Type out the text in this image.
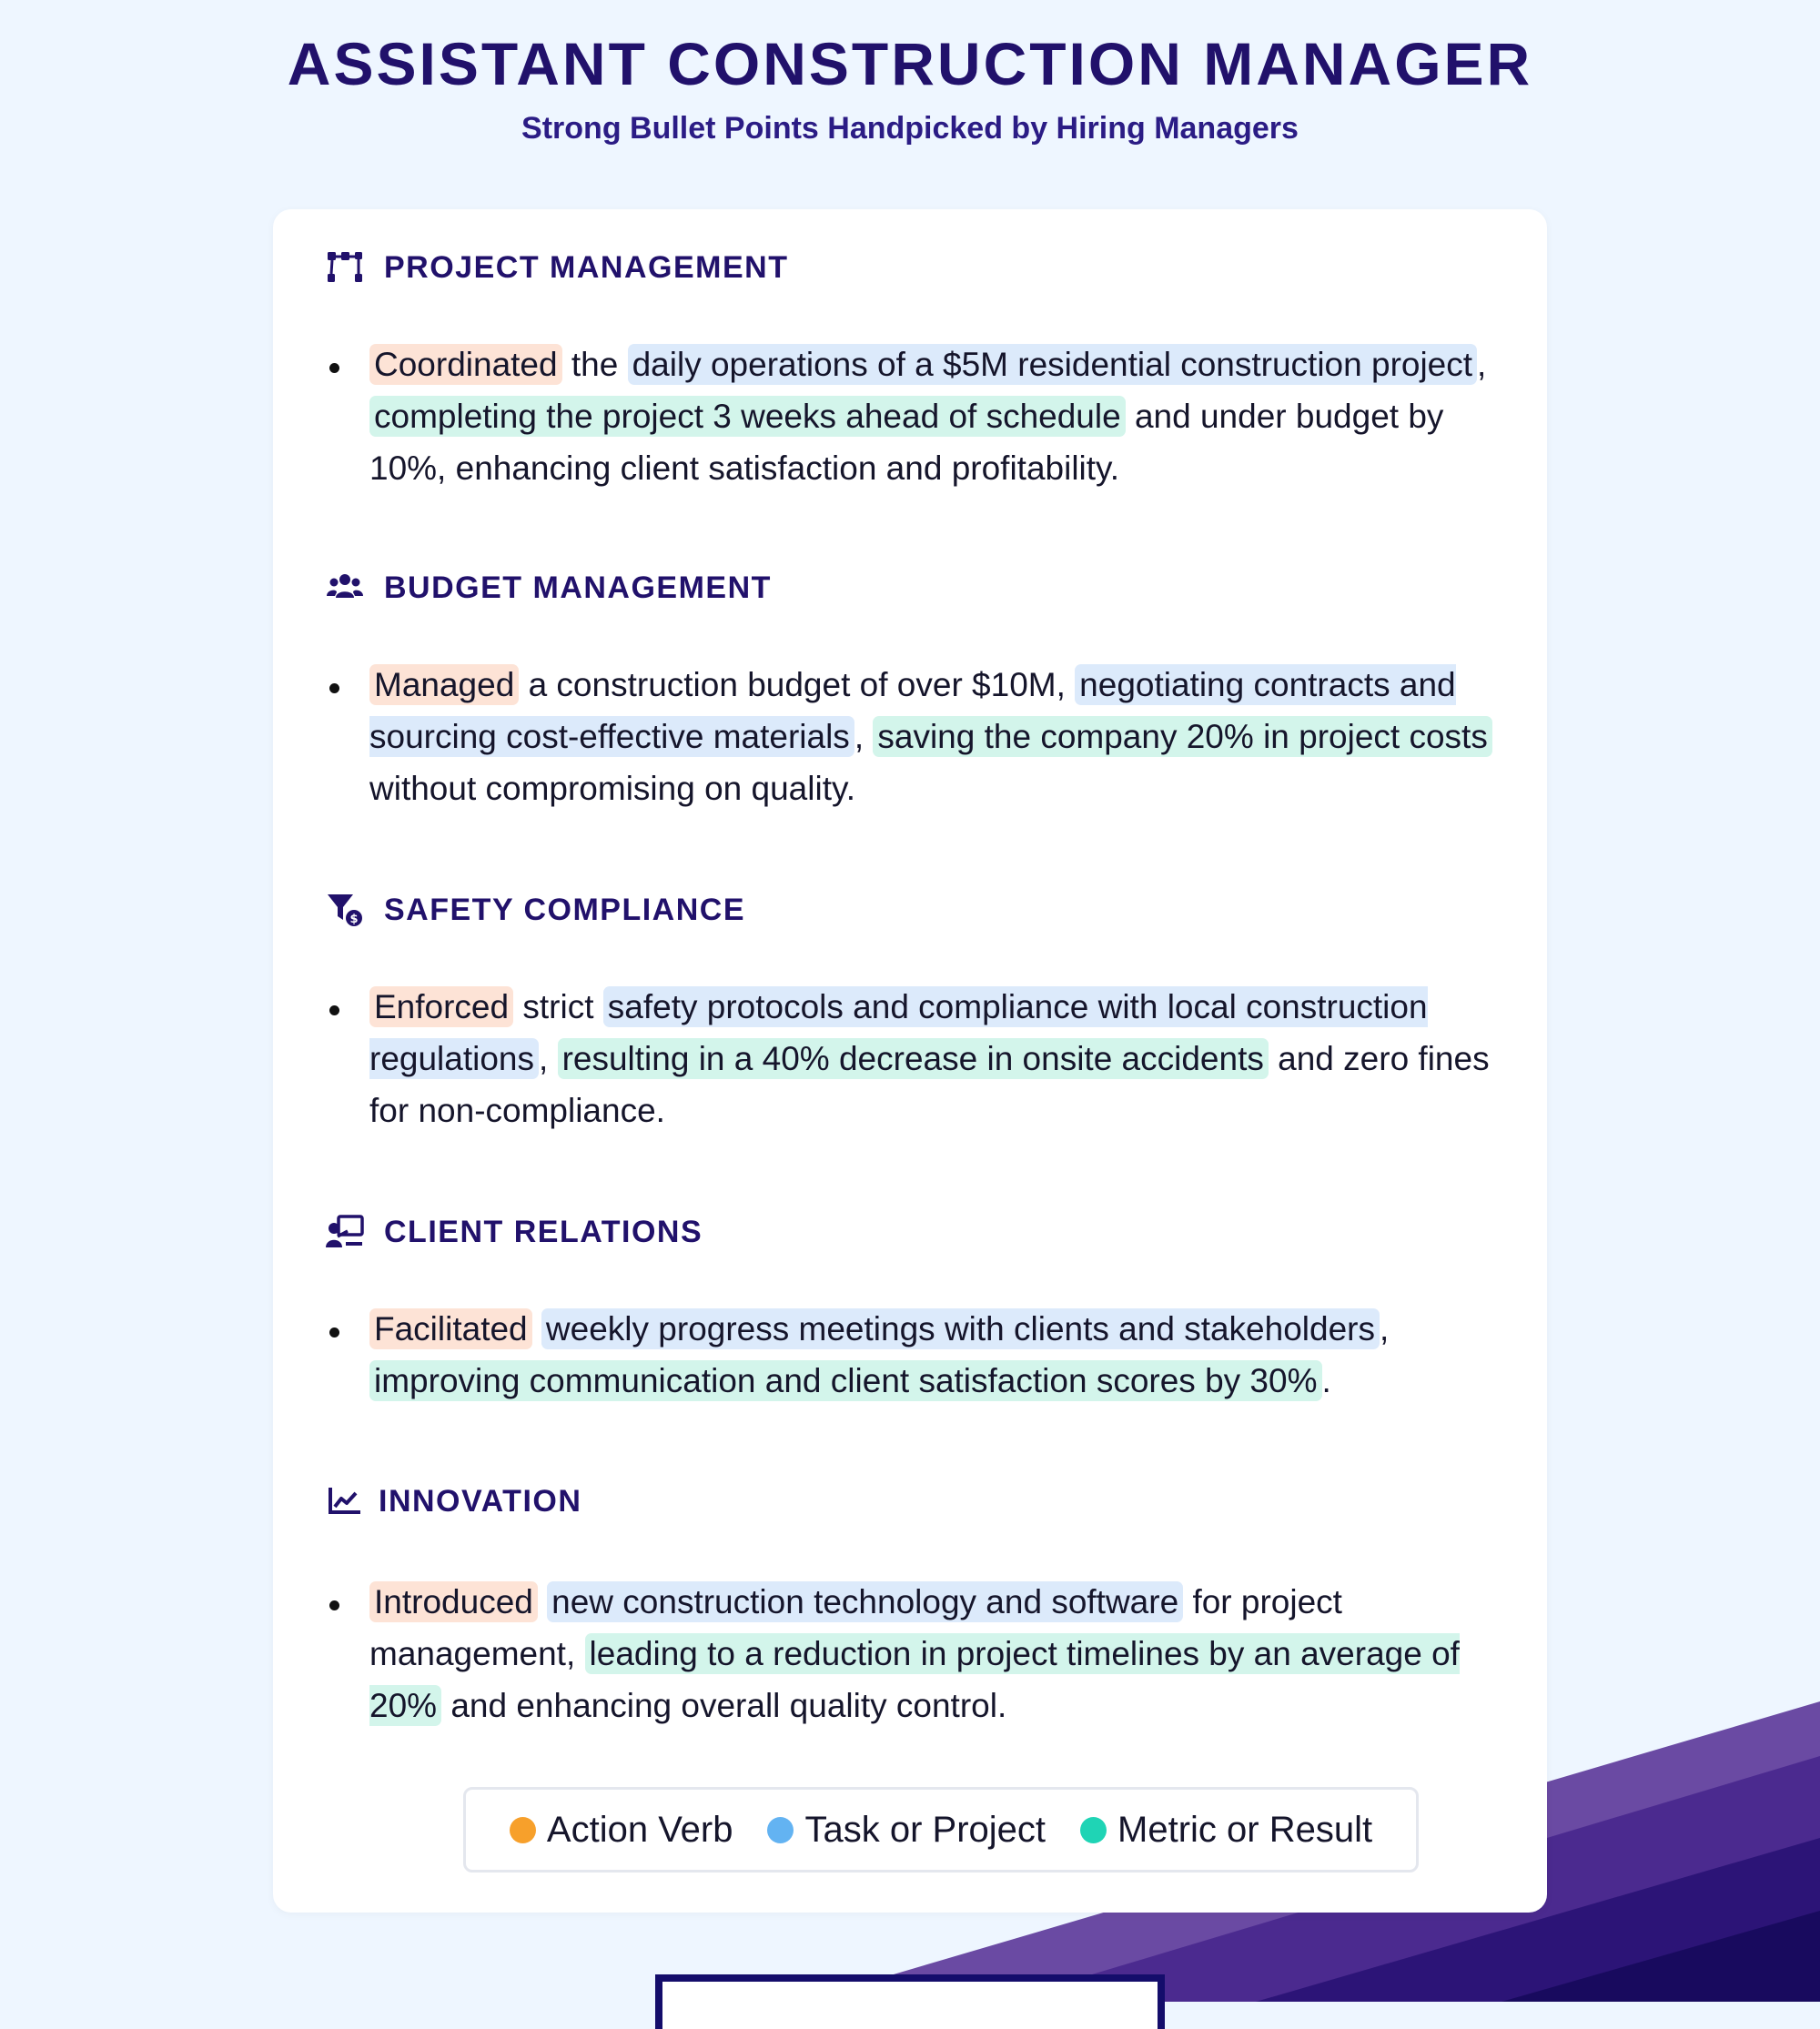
ASSISTANT CONSTRUCTION MANAGER
Strong Bullet Points Handpicked by Hiring Managers
PROJECT MANAGEMENT
Coordinated the daily operations of a $5M residential construction project , completing the project 3 weeks ahead of schedule and under budget by 10%, enhancing client satisfaction and profitability.
BUDGET MANAGEMENT
Managed a construction budget of over $10M, negotiating contracts and sourcing cost-effective materials , saving the company 20% in project costs without compromising on quality.
$ SAFETY COMPLIANCE
Enforced strict safety protocols and compliance with local construction regulations , resulting in a 40% decrease in onsite accidents and zero fines for non-compliance.
CLIENT RELATIONS
Facilitated weekly progress meetings with clients and stakeholders , improving communication and client satisfaction scores by 30% .
INNOVATION
Introduced new construction technology and software for project management, leading to a reduction in project timelines by an average of 20% and enhancing overall quality control.
Action Verb Task or Project Metric or Result
